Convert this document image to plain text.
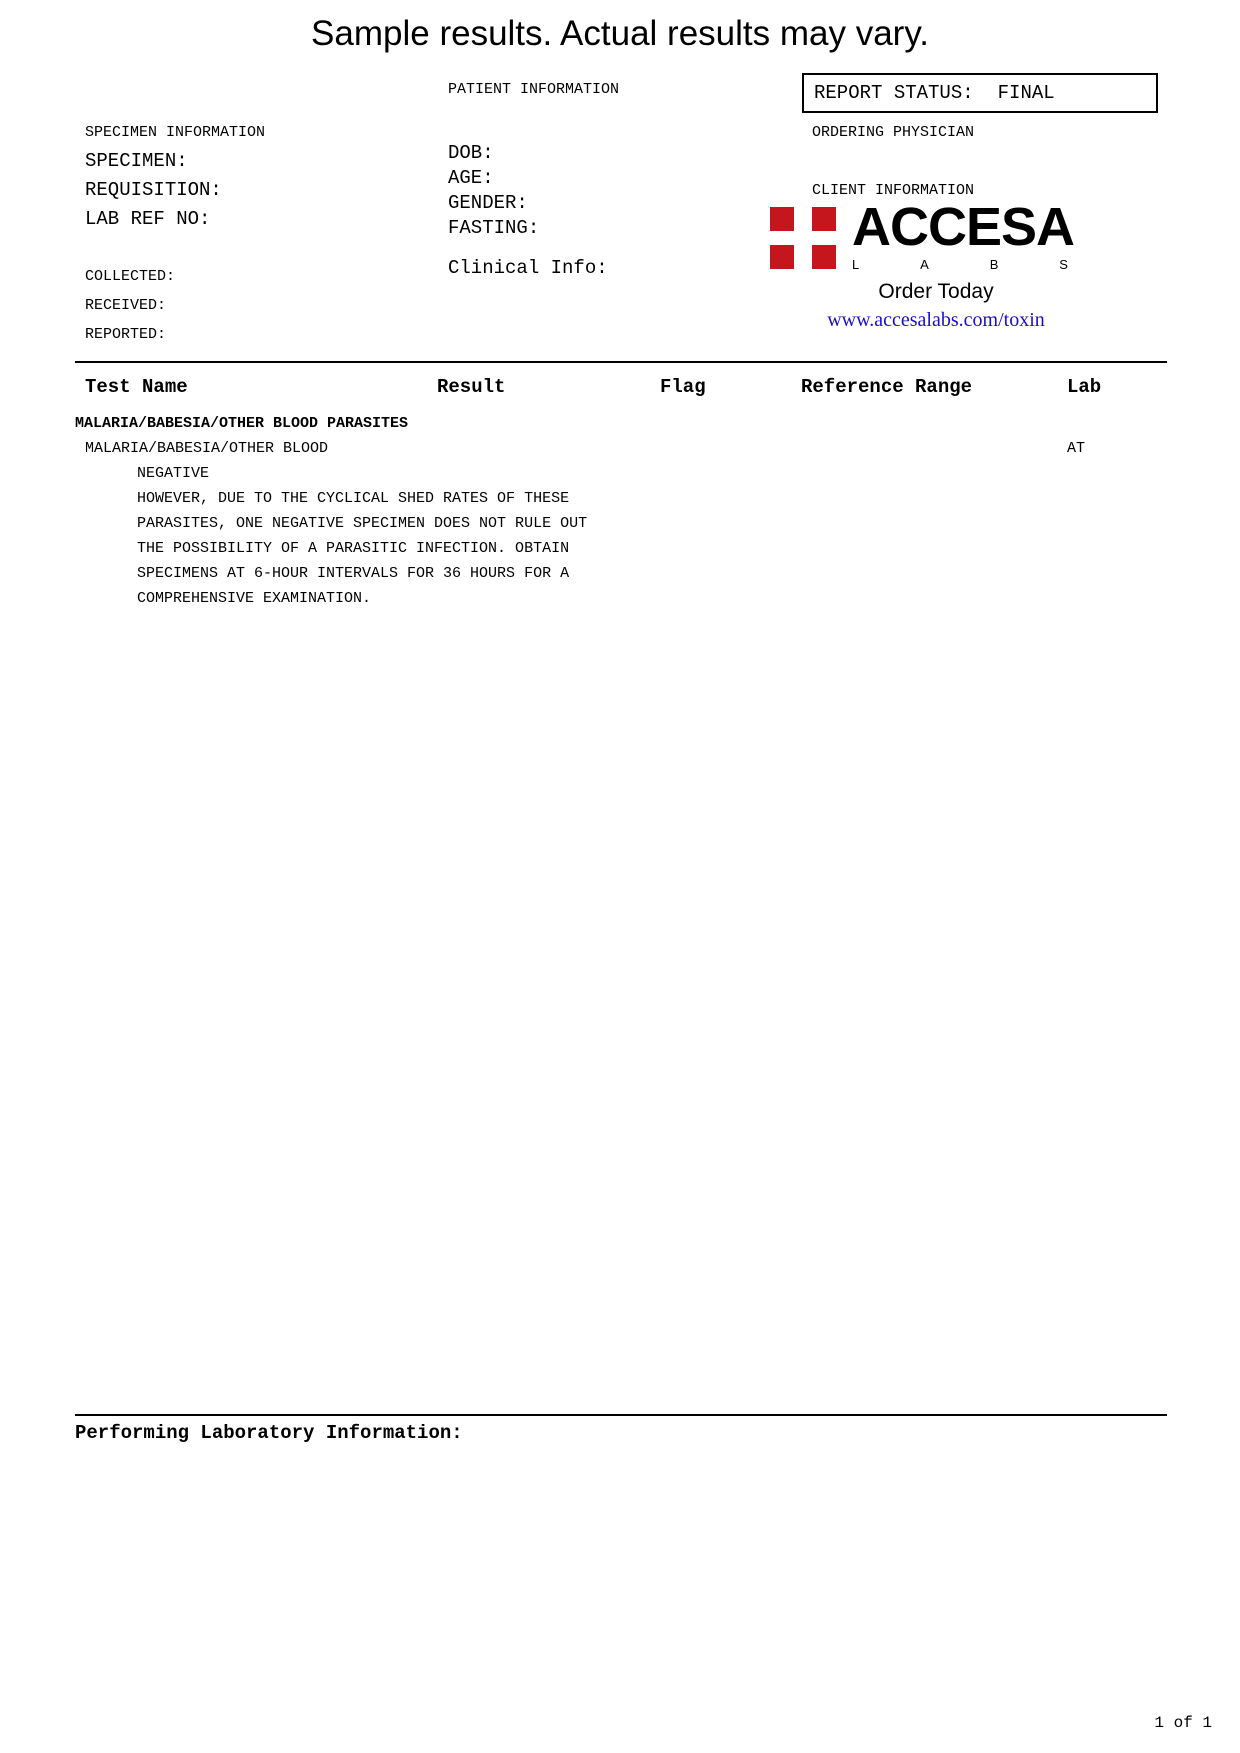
Sample results. Actual results may vary.
PATIENT INFORMATION	REPORT STATUS: FINAL
SPECIMEN INFORMATION
SPECIMEN:
REQUISITION:
LAB REF NO:
COLLECTED:
RECEIVED:
REPORTED:
DOB:
AGE:
GENDER:
FASTING:
Clinical Info:
ORDERING PHYSICIAN
CLIENT INFORMATION
ACCESA
L	A	B	S
Order Today
www.accesalabs.com/toxin
Test Name	Result	Flag	Reference Range	Lab
MALARIA/BABESIA/OTHER BLOOD PARASITES
MALARIA/BABESIA/OTHER BLOOD	AT
NEGATIVE
HOWEVER, DUE TO THE CYCLICAL SHED RATES OF THESE
PARASITES, ONE NEGATIVE SPECIMEN DOES NOT RULE OUT
THE POSSIBILITY OF A PARASITIC INFECTION. OBTAIN
SPECIMENS AT 6-HOUR INTERVALS FOR 36 HOURS FOR A
COMPREHENSIVE EXAMINATION.
Performing Laboratory Information:
1 of 1
